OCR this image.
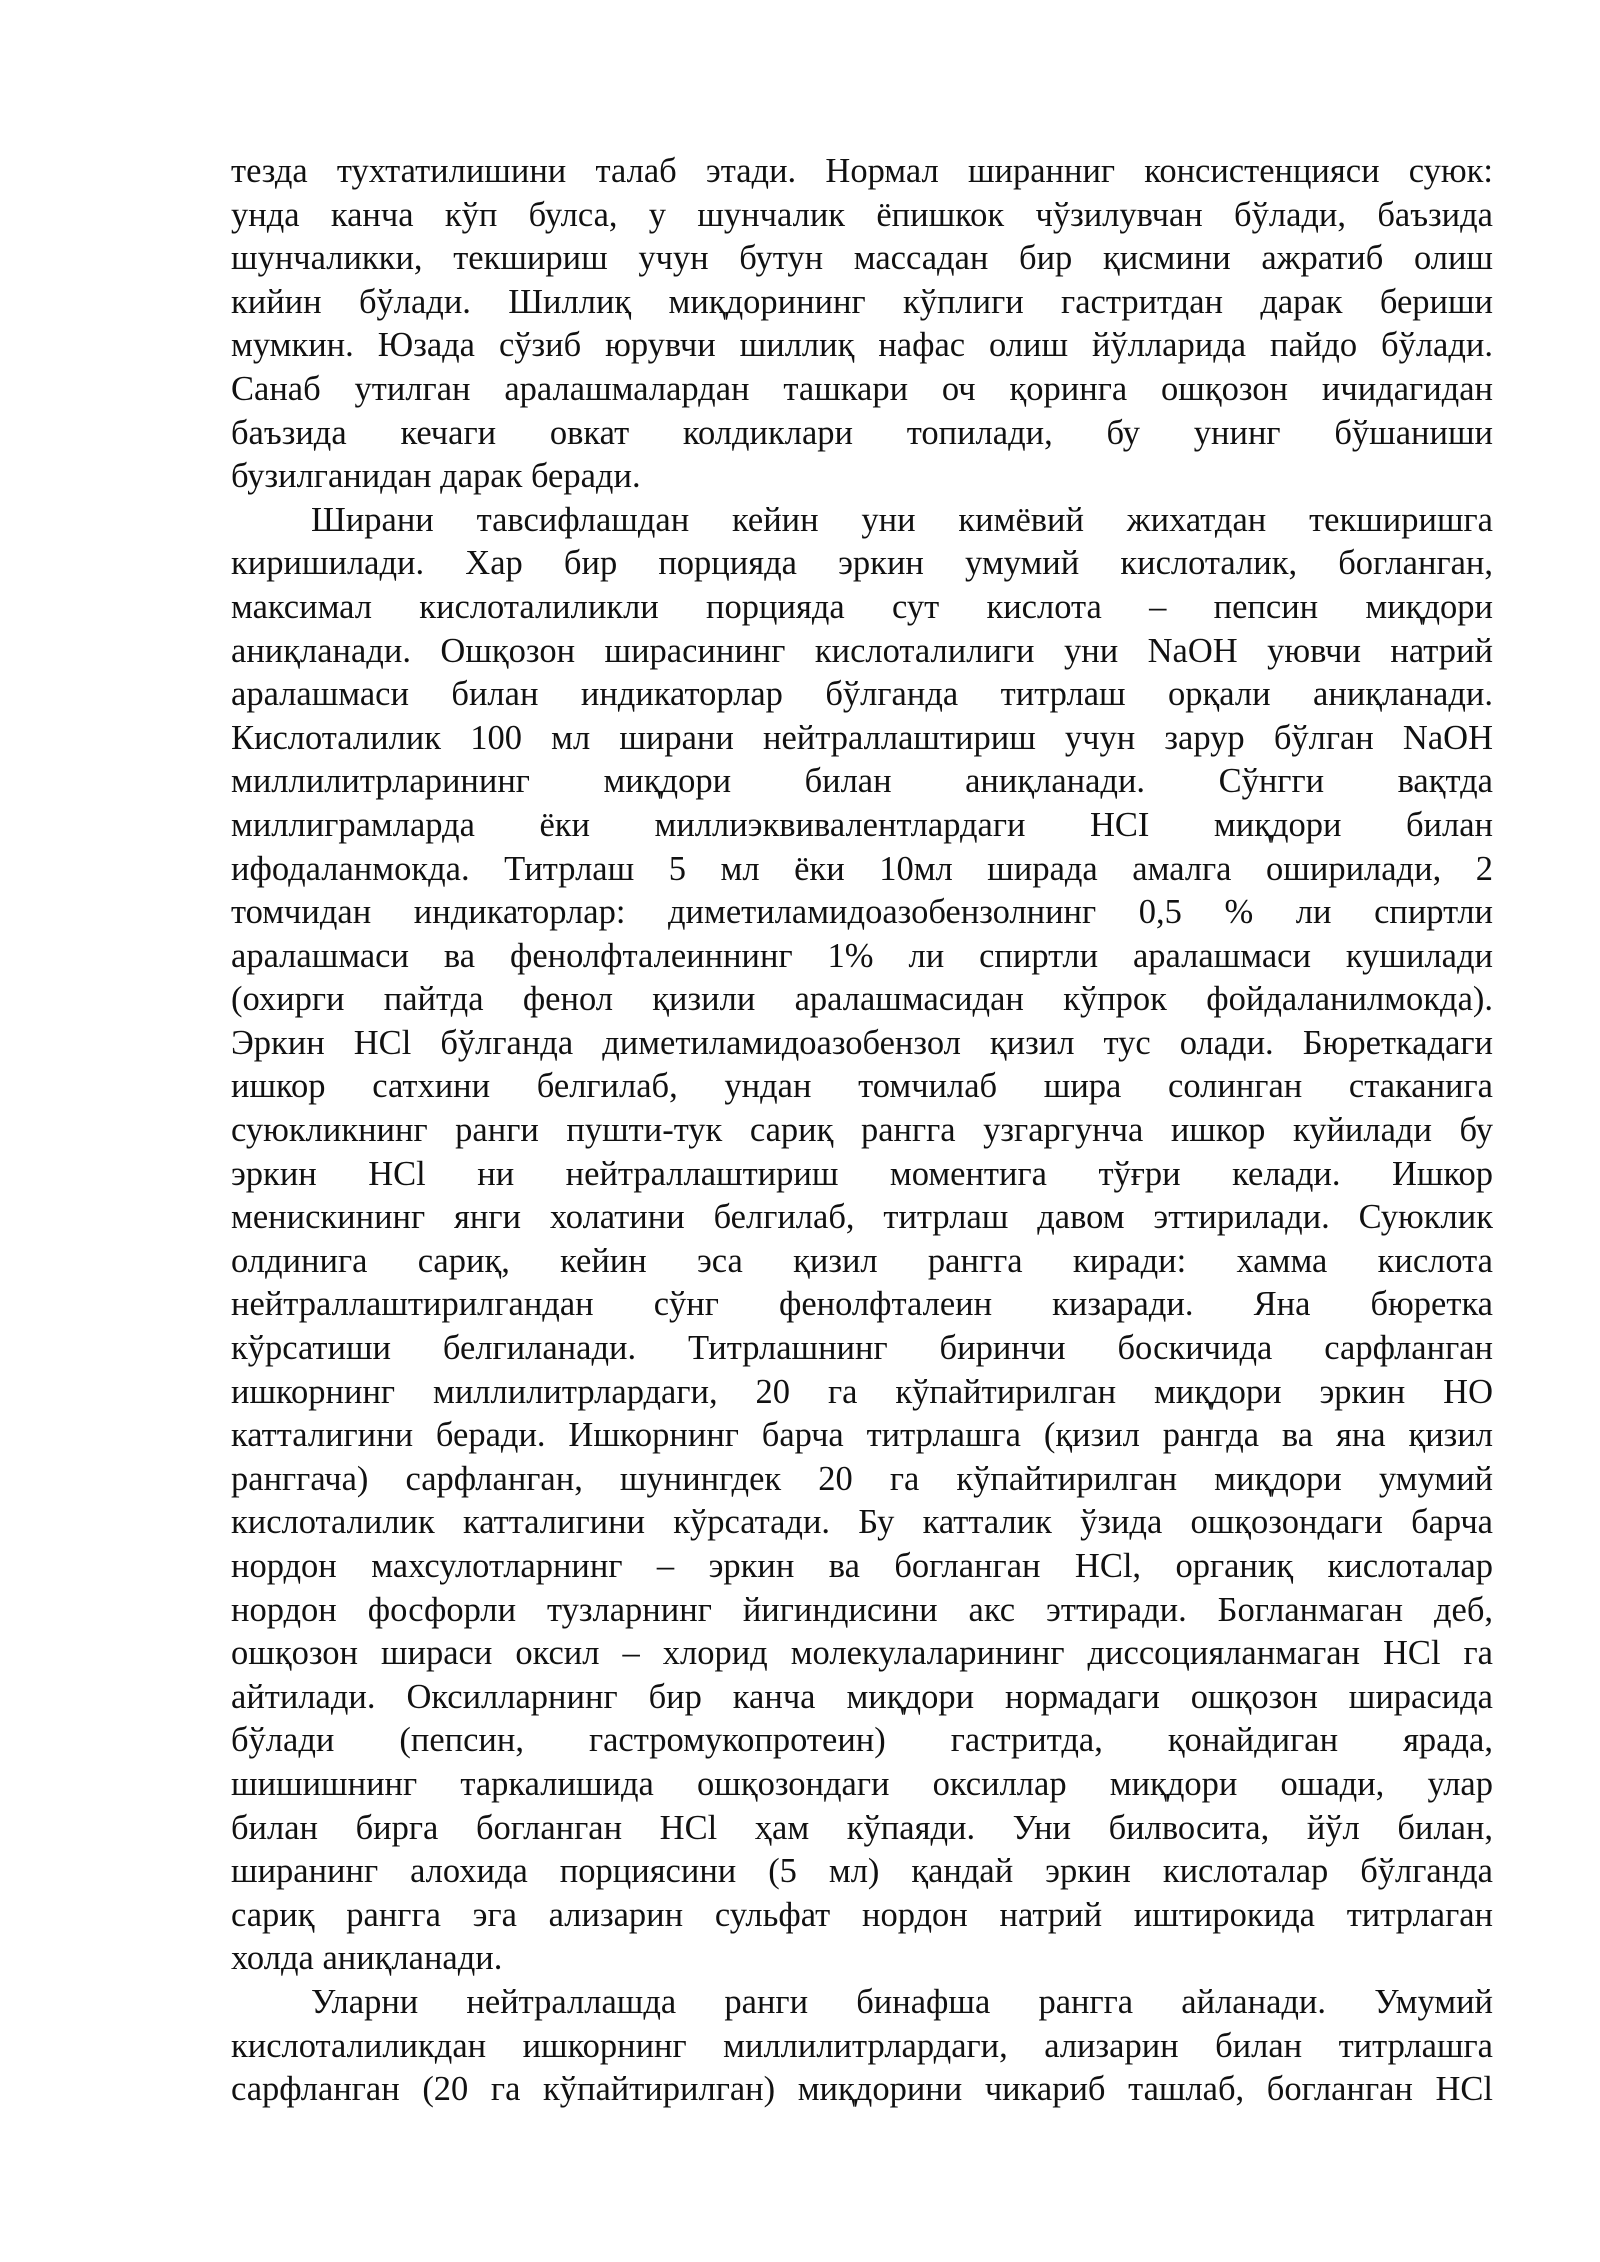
тезда тухтатилишини талаб этади. Нормал ширанниг консистенцияси суюк:
унда канча кўп булса, у шунчалик ёпишкок чўзилувчан бўлади, баъзида
шунчаликки, текшириш учун бутун массадан бир қисмини ажратиб олиш
кийин бўлади. Шиллиқ миқдорининг кўплиги гастритдан дарак бериши
мумкин. Юзада сўзиб юрувчи шиллиқ нафас олиш йўлларида пайдо бўлади.
Санаб утилган аралашмалардан ташкари оч қоринга ошқозон ичидагидан
баъзида кечаги овкат колдиклари топилади, бу унинг бўшаниши
бузилганидан дарак беради.
Ширани тавсифлашдан кейин уни кимёвий жихатдан текширишга
киришилади. Хар бир порцияда эркин умумий кислоталик, богланган,
максимал кислоталиликли порцияда сут кислота – пепсин миқдори
аниқланади. Ошқозон ширасининг кислоталилиги уни NaOH уювчи натрий
аралашмаси билан индикаторлар бўлганда титрлаш орқали аниқланади.
Кислоталилик 100 мл ширани нейтраллаштириш учун зарур бўлган NaOH
миллилитрларининг миқдори билан аниқланади. Сўнгги вақтда
миллиграмларда ёки миллиэквивалентлардаги HCI миқдори билан
ифодаланмокда. Титрлаш 5 мл ёки 10мл ширада амалга оширилади, 2
томчидан индикаторлар: диметиламидоазобензолнинг 0,5 % ли спиртли
аралашмаси ва фенолфталеиннинг 1% ли спиртли аралашмаси кушилади
(охирги пайтда фенол қизили аралашмасидан кўпрок фойдаланилмокда).
Эркин HCl бўлганда диметиламидоазобензол қизил тус олади. Бюреткадаги
ишкор сатхини белгилаб, ундан томчилаб шира солинган стаканига
суюкликнинг ранги пушти-тук сариқ рангга узгаргунча ишкор куйилади бу
эркин HCl ни нейтраллаштириш моментига тўғри келади. Ишкор
менискининг янги холатини белгилаб, титрлаш давом эттирилади. Суюклик
олдинига сариқ, кейин эса қизил рангга киради: хамма кислота
нейтраллаштирилгандан сўнг фенолфталеин кизаради. Яна бюретка
кўрсатиши белгиланади. Титрлашнинг биринчи боскичида сарфланган
ишкорнинг миллилитрлардаги, 20 га кўпайтирилган миқдори эркин HO
катталигини беради. Ишкорнинг барча титрлашга (қизил рангда ва яна қизил
ранггача) сарфланган, шунингдек 20 га кўпайтирилган миқдори умумий
кислоталилик катталигини кўрсатади. Бу катталик ўзида ошқозондаги барча
нордон махсулотларнинг – эркин ва богланган HCl, органиқ кислоталар
нордон фосфорли тузларнинг йигиндисини акс эттиради. Богланмаган деб,
ошқозон шираси оксил – хлорид молекулаларининг диссоцияланмаган HCl га
айтилади. Оксилларнинг бир канча миқдори нормадаги ошқозон ширасида
бўлади (пепсин, гастромукопротеин) гастритда, қонайдиган ярада,
шишишнинг таркалишида ошқозондаги оксиллар миқдори ошади, улар
билан бирга богланган HCl ҳам кўпаяди. Уни билвосита, йўл билан,
ширанинг алохида порциясини (5 мл) қандай эркин кислоталар бўлганда
сариқ рангга эга ализарин сульфат нордон натрий иштирокида титрлаган
холда аниқланади.
Уларни нейтраллашда ранги бинафша рангга айланади. Умумий
кислоталиликдан ишкорнинг миллилитрлардаги, ализарин билан титрлашга
сарфланган (20 га кўпайтирилган) миқдорини чикариб ташлаб, богланган HCl
